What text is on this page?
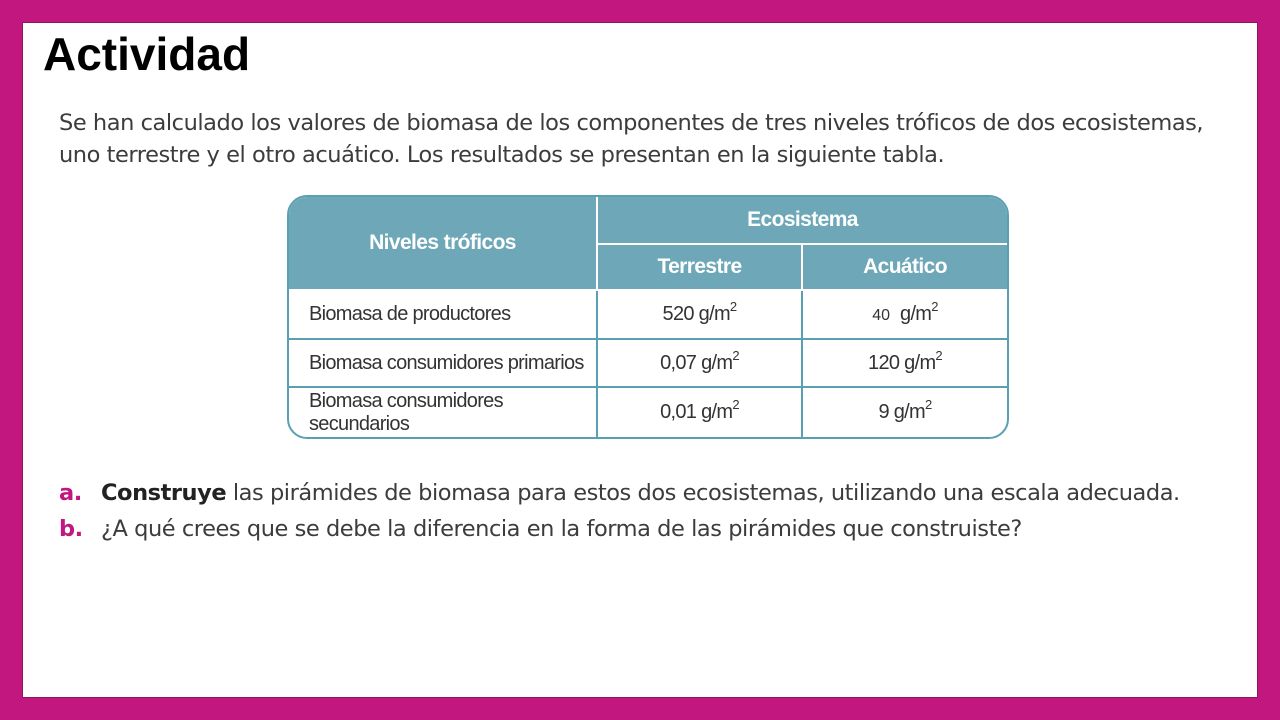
Actividad

Se han calculado los valores de biomasa de los componentes de tres niveles tróficos de dos ecosistemas, uno terrestre y el otro acuático. Los resultados se presentan en la siguiente tabla.

Niveles tróficos	Ecosistema	
	Terrestre	Acuático
Biomasa de productores	520 $g/m^2$	40 $g/m^2$
Biomasa consumidores primarios	0,07 $g/m^2$	120 $g/m^2$
Biomasa consumidores secundarios	0,01 $g/m^2$	9 $g/m^2$
a. Construye las pirámides de biomasa para estos dos ecosistemas, utilizando una escala adecuada.
b. ¿A qué crees que se debe la diferencia en la forma de las pirámides que construiste?
